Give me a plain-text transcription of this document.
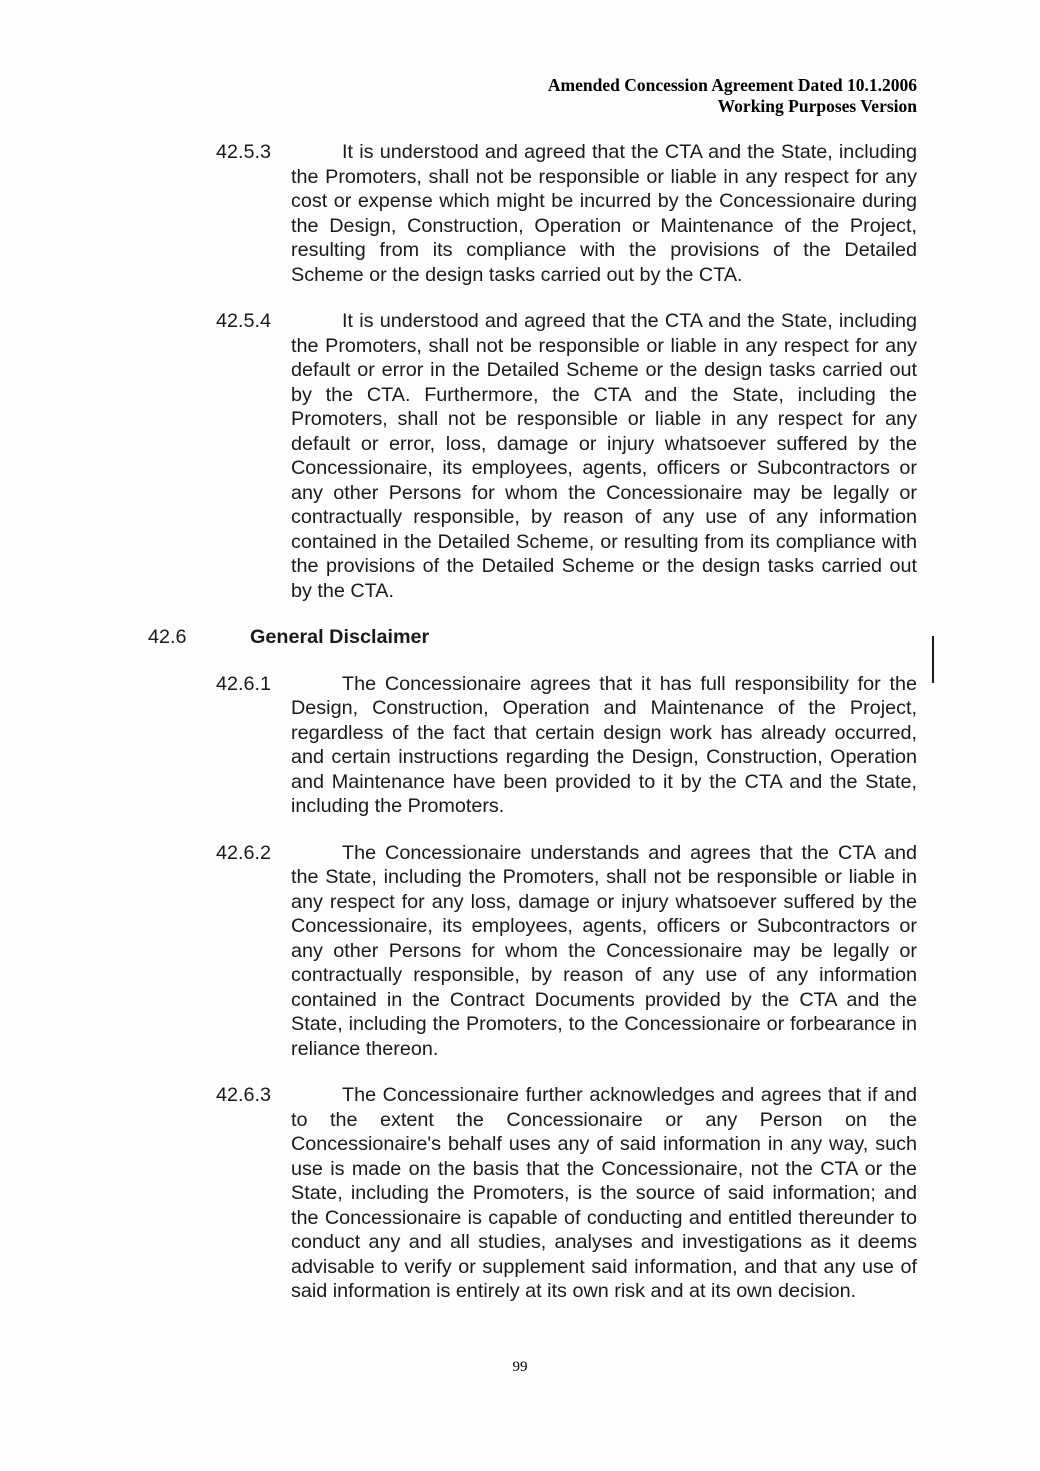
Amended Concession Agreement Dated 10.1.2006
Working Purposes Version
42.5.3	It is understood and agreed that the CTA and the State, including the Promoters, shall not be responsible or liable in any respect for any cost or expense which might be incurred by the Concessionaire during the Design, Construction, Operation or Maintenance of the Project, resulting from its compliance with the provisions of the Detailed Scheme or the design tasks carried out by the CTA.
42.5.4	It is understood and agreed that the CTA and the State, including the Promoters, shall not be responsible or liable in any respect for any default or error in the Detailed Scheme or the design tasks carried out by the CTA. Furthermore, the CTA and the State, including the Promoters, shall not be responsible or liable in any respect for any default or error, loss, damage or injury whatsoever suffered by the Concessionaire, its employees, agents, officers or Subcontractors or any other Persons for whom the Concessionaire may be legally or contractually responsible, by reason of any use of any information contained in the Detailed Scheme, or resulting from its compliance with the provisions of the Detailed Scheme or the design tasks carried out by the CTA.
42.6	General Disclaimer
42.6.1	The Concessionaire agrees that it has full responsibility for the Design, Construction, Operation and Maintenance of the Project, regardless of the fact that certain design work has already occurred, and certain instructions regarding the Design, Construction, Operation and Maintenance have been provided to it by the CTA and the State, including the Promoters.
42.6.2	The Concessionaire understands and agrees that the CTA and the State, including the Promoters, shall not be responsible or liable in any respect for any loss, damage or injury whatsoever suffered by the Concessionaire, its employees, agents, officers or Subcontractors or any other Persons for whom the Concessionaire may be legally or contractually responsible, by reason of any use of any information contained in the Contract Documents provided by the CTA and the State, including the Promoters, to the Concessionaire or forbearance in reliance thereon.
42.6.3	The Concessionaire further acknowledges and agrees that if and to the extent the Concessionaire or any Person on the Concessionaire's behalf uses any of said information in any way, such use is made on the basis that the Concessionaire, not the CTA or the State, including the Promoters, is the source of said information; and the Concessionaire is capable of conducting and entitled thereunder to conduct any and all studies, analyses and investigations as it deems advisable to verify or supplement said information, and that any use of said information is entirely at its own risk and at its own decision.
99
